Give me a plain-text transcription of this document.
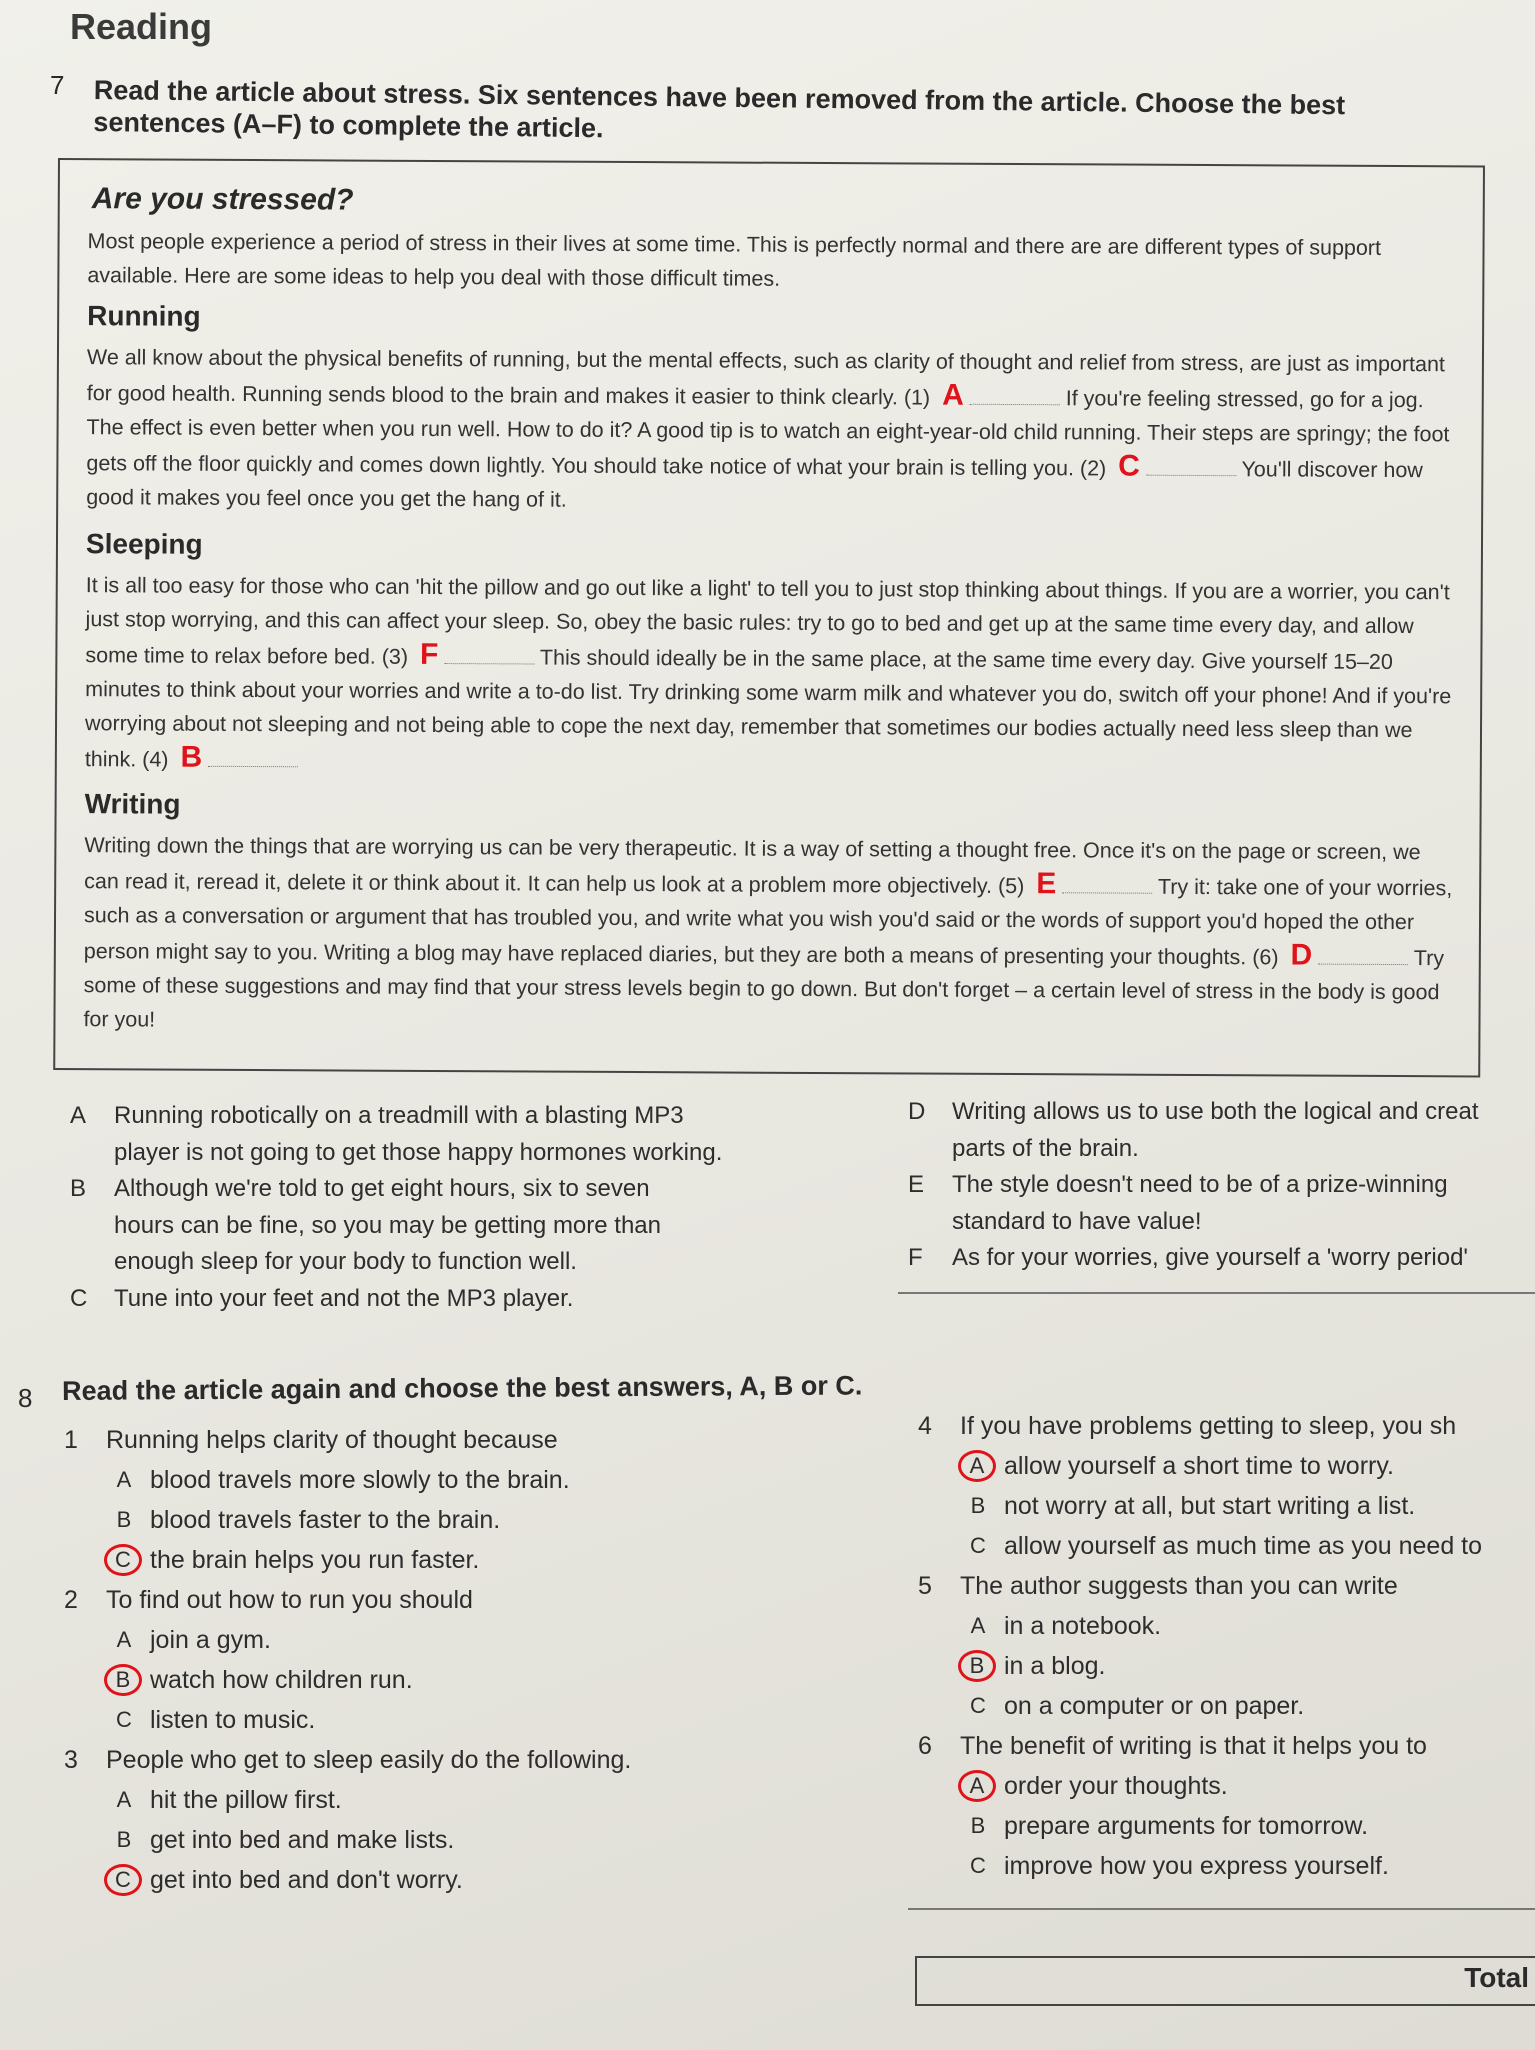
Reading
7 Read the article about stress. Six sentences have been removed from the article. Choose the best sentences (A–F) to complete the article.
Are you stressed?
Most people experience a period of stress in their lives at some time. This is perfectly normal and there are are different types of support available. Here are some ideas to help you deal with those difficult times.
Running
We all know about the physical benefits of running, but the mental effects, such as clarity of thought and relief from stress, are just as important for good health. Running sends blood to the brain and makes it easier to think clearly. (1) A	If you're feeling stressed, go for a jog. The effect is even better when you run well. How to do it? A good tip is to watch an eight-year-old child running. Their steps are springy; the foot gets off the floor quickly and comes down lightly. You should take notice of what your brain is telling you. (2) C	You'll discover how good it makes you feel once you get the hang of it.
Sleeping
It is all too easy for those who can 'hit the pillow and go out like a light' to tell you to just stop thinking about things. If you are a worrier, you can't just stop worrying, and this can affect your sleep. So, obey the basic rules: try to go to bed and get up at the same time every day, and allow some time to relax before bed. (3) F	This should ideally be in the same place, at the same time every day. Give yourself 15–20 minutes to think about your worries and write a to-do list. Try drinking some warm milk and whatever you do, switch off your phone! And if you're worrying about not sleeping and not being able to cope the next day, remember that sometimes our bodies actually need less sleep than we think. (4) B
Writing
Writing down the things that are worrying us can be very therapeutic. It is a way of setting a thought free. Once it's on the page or screen, we can read it, reread it, delete it or think about it. It can help us look at a problem more objectively. (5) E	Try it: take one of your worries, such as a conversation or argument that has troubled you, and write what you wish you'd said or the words of support you'd hoped the other person might say to you. Writing a blog may have replaced diaries, but they are both a means of presenting your thoughts. (6) D	Try some of these suggestions and may find that your stress levels begin to go down. But don't forget – a certain level of stress in the body is good for you!
A Running robotically on a treadmill with a blasting MP3
player is not going to get those happy hormones working.
B Although we're told to get eight hours, six to seven
hours can be fine, so you may be getting more than
enough sleep for your body to function well.
C Tune into your feet and not the MP3 player.
D Writing allows us to use both the logical and creat
parts of the brain.
E The style doesn't need to be of a prize-winning
standard to have value!
F As for your worries, give yourself a 'worry period'
8 Read the article again and choose the best answers, A, B or C.
1 Running helps clarity of thought because
A blood travels more slowly to the brain.
B blood travels faster to the brain.
C the brain helps you run faster.
2 To find out how to run you should
A join a gym.
B watch how children run.
C listen to music.
3 People who get to sleep easily do the following.
A hit the pillow first.
B get into bed and make lists.
C get into bed and don't worry.
4 If you have problems getting to sleep, you sh
A allow yourself a short time to worry.
B not worry at all, but start writing a list.
C allow yourself as much time as you need to
5 The author suggests than you can write
A in a notebook.
B in a blog.
C on a computer or on paper.
6 The benefit of writing is that it helps you to
A order your thoughts.
B prepare arguments for tomorrow.
C improve how you express yourself.
Total
